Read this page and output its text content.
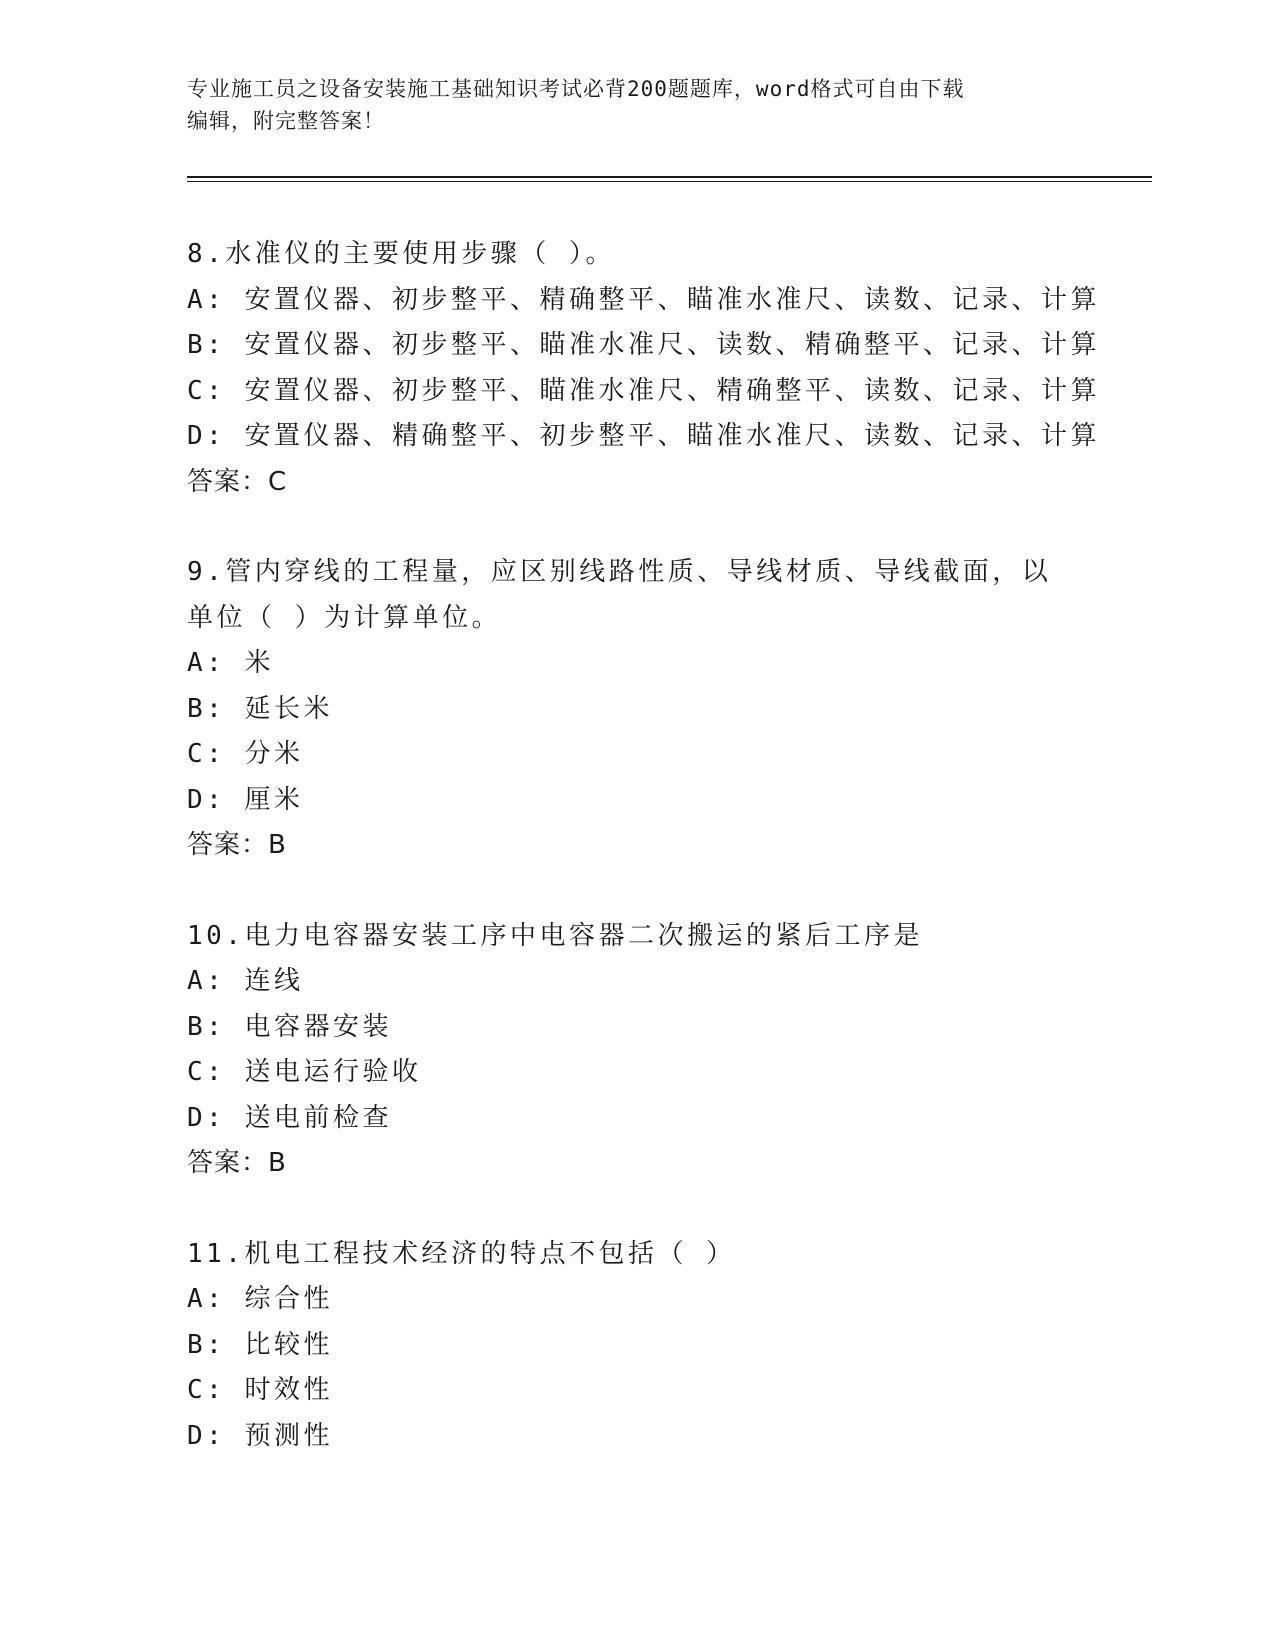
专业施工员之设备安装施工基础知识考试必背200题题库，word格式可自由下载
编辑，附完整答案！
8.水准仪的主要使用步骤（ ）。
A: 安置仪器、初步整平、精确整平、瞄准水准尺、读数、记录、计算
B: 安置仪器、初步整平、瞄准水准尺、读数、精确整平、记录、计算
C: 安置仪器、初步整平、瞄准水准尺、精确整平、读数、记录、计算
D: 安置仪器、精确整平、初步整平、瞄准水准尺、读数、记录、计算
答案：C
9.管内穿线的工程量，应区别线路性质、导线材质、导线截面，以单位（ ）为计算单位。
A: 米
B: 延长米
C: 分米
D: 厘米
答案：B
10.电力电容器安装工序中电容器二次搬运的紧后工序是
A: 连线
B: 电容器安装
C: 送电运行验收
D: 送电前检查
答案：B
11.机电工程技术经济的特点不包括（ ）
A: 综合性
B: 比较性
C: 时效性
D: 预测性
